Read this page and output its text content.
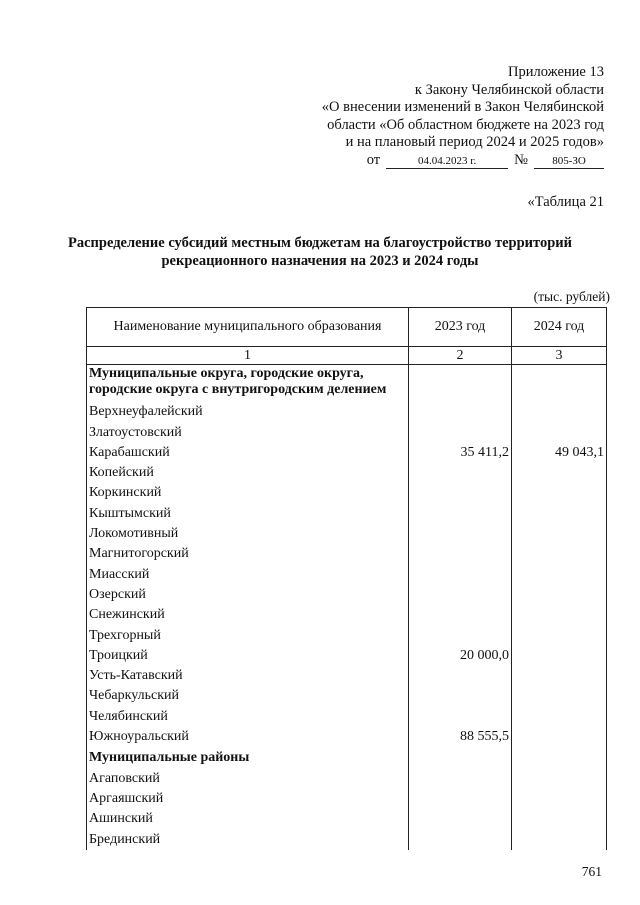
Приложение 13
к Закону Челябинской области
«О внесении изменений в Закон Челябинской
области «Об областном бюджете на 2023 год
и на плановый период 2024 и 2025 годов»
от	04.04.2023 г.	№	805-ЗО
«Таблица 21
Распределение субсидий местным бюджетам на благоустройство территорий
рекреационного назначения на 2023 и 2024 годы
(тыс. рублей)
Наименование муниципального образования	2023 год	2024 год
1	2	3

Муниципальные округа, городские округа,
городские округа с внутригородским делением		

Верхнеуфалейский		
Златоустовский		
Карабашский	35 411,2	49 043,1
Копейский		
Коркинский		
Кыштымский		
Локомотивный		
Магнитогорский		
Миасский		
Озерский		
Снежинский		
Трехгорный		
Троицкий	20 000,0	
Усть-Катавский		
Чебаркульский		
Челябинский		
Южноуральский	88 555,5	
Муниципальные районы		
Агаповский		
Аргаяшский		
Ашинский		
Брединский		
761
